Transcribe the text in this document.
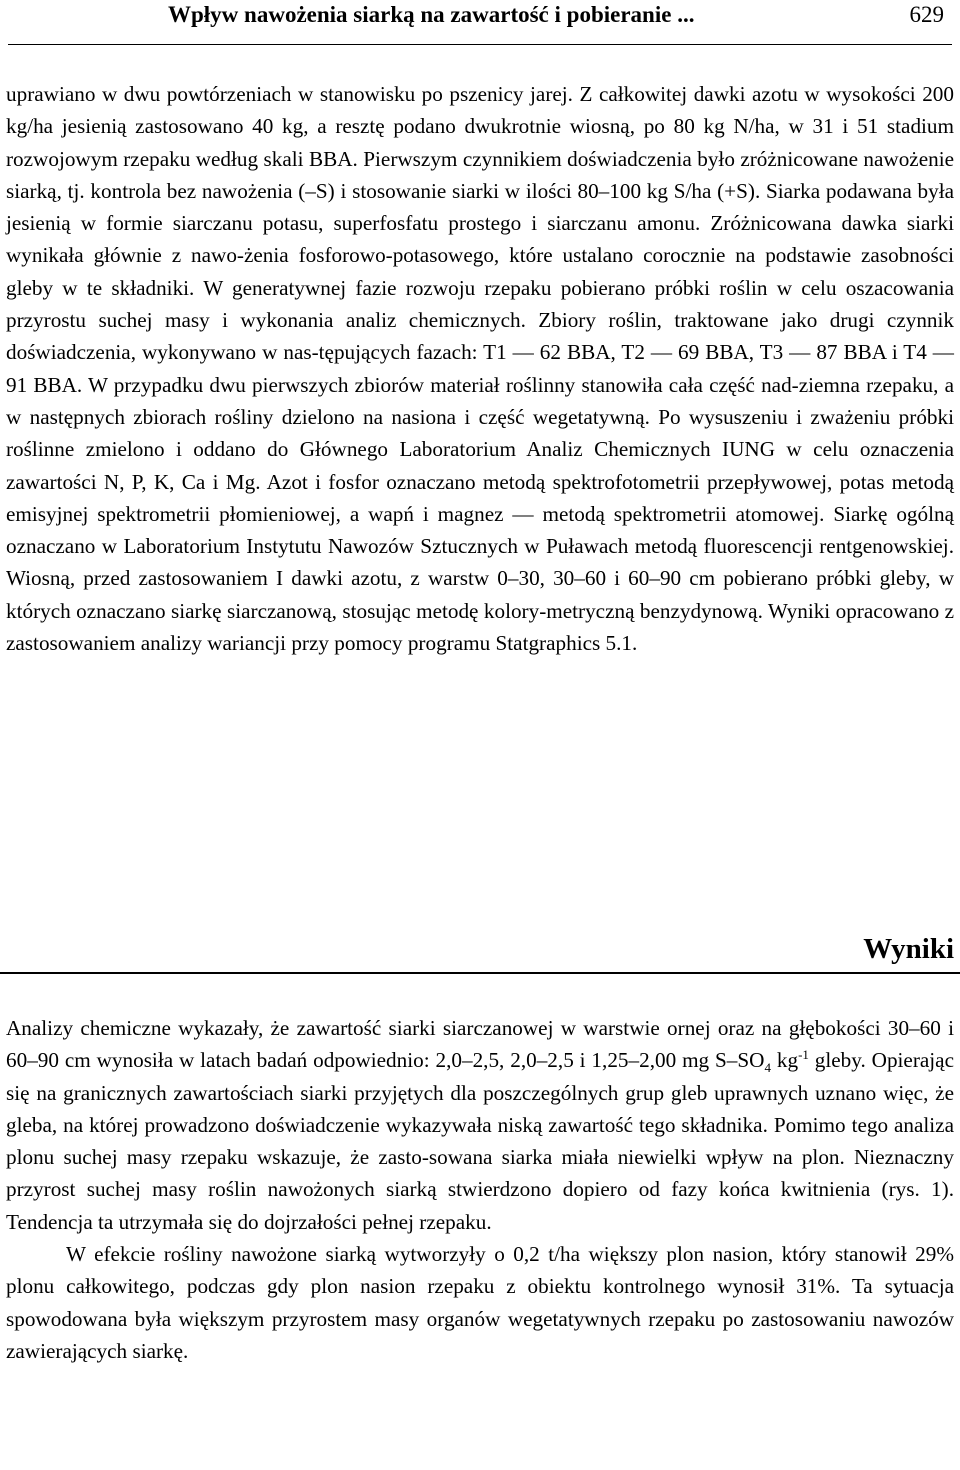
Wpływ nawożenia siarką na zawartość i pobieranie ...	629

uprawiano w dwu powtórzeniach w stanowisku po pszenicy jarej. Z całkowitej dawki azotu w wysokości 200 kg/ha jesienią zastosowano 40 kg, a resztę podano dwukrotnie wiosną, po 80 kg N/ha, w 31 i 51 stadium rozwojowym rzepaku według skali BBA. Pierwszym czynnikiem doświadczenia było zróżnicowane nawożenie siarką, tj. kontrola bez nawożenia (–S) i stosowanie siarki w ilości 80–100 kg S/ha (+S). Siarka podawana była jesienią w formie siarczanu potasu, superfosfatu prostego i siarczanu amonu. Zróżnicowana dawka siarki wynikała głównie z nawo-żenia fosforowo-potasowego, które ustalano corocznie na podstawie zasobności gleby w te składniki. W generatywnej fazie rozwoju rzepaku pobierano próbki roślin w celu oszacowania przyrostu suchej masy i wykonania analiz chemicznych. Zbiory roślin, traktowane jako drugi czynnik doświadczenia, wykonywano w nas-tępujących fazach: T1 — 62 BBA, T2 — 69 BBA, T3 — 87 BBA i T4 — 91 BBA. W przypadku dwu pierwszych zbiorów materiał roślinny stanowiła cała część nad-ziemna rzepaku, a w następnych zbiorach rośliny dzielono na nasiona i część wegetatywną. Po wysuszeniu i zważeniu próbki roślinne zmielono i oddano do Głównego Laboratorium Analiz Chemicznych IUNG w celu oznaczenia zawartości N, P, K, Ca i Mg. Azot i fosfor oznaczano metodą spektrofotometrii przepływowej, potas metodą emisyjnej spektrometrii płomieniowej, a wapń i magnez — metodą spektrometrii atomowej. Siarkę ogólną oznaczano w Laboratorium Instytutu Nawozów Sztucznych w Puławach metodą fluorescencji rentgenowskiej. Wiosną, przed zastosowaniem I dawki azotu, z warstw 0–30, 30–60 i 60–90 cm pobierano próbki gleby, w których oznaczano siarkę siarczanową, stosując metodę kolory-metryczną benzydynową. Wyniki opracowano z zastosowaniem analizy wariancji przy pomocy programu Statgraphics 5.1.

Wyniki

Analizy chemiczne wykazały, że zawartość siarki siarczanowej w warstwie ornej oraz na głębokości 30–60 i 60–90 cm wynosiła w latach badań odpowiednio: 2,0–2,5, 2,0–2,5 i 1,25–2,00 mg $S-SO_4$ $kg^{-1}$ gleby. Opierając się na granicznych zawartościach siarki przyjętych dla poszczególnych grup gleb uprawnych uznano więc, że gleba, na której prowadzono doświadczenie wykazywała niską zawartość tego składnika. Pomimo tego analiza plonu suchej masy rzepaku wskazuje, że zasto-sowana siarka miała niewielki wpływ na plon. Nieznaczny przyrost suchej masy roślin nawożonych siarką stwierdzono dopiero od fazy końca kwitnienia (rys. 1). Tendencja ta utrzymała się do dojrzałości pełnej rzepaku.

W efekcie rośliny nawożone siarką wytworzyły o 0,2 t/ha większy plon nasion, który stanowił 29% plonu całkowitego, podczas gdy plon nasion rzepaku z obiektu kontrolnego wynosił 31%. Ta sytuacja spowodowana była większym przyrostem masy organów wegetatywnych rzepaku po zastosowaniu nawozów zawierających siarkę.
